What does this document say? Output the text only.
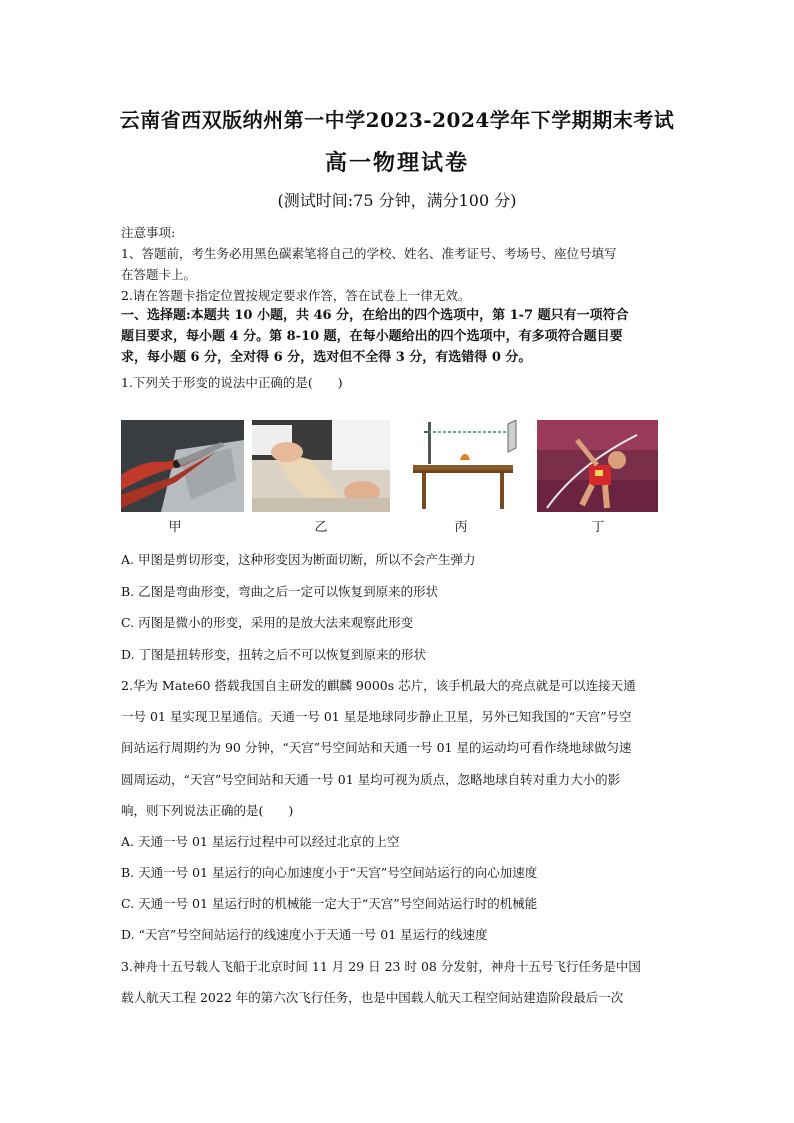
云南省西双版纳州第一中学2023-2024学年下学期期末考试
高一物理试卷
(测试时间:75 分钟，满分100 分)
注意事项:
1、答题前，考生务必用黑色碳素笔将自己的学校、姓名、准考证号、考场号、座位号填写
在答题卡上。
2.请在答题卡指定位置按规定要求作答，答在试卷上一律无效。
一、选择题:本题共 10 小题，共 46 分，在给出的四个选项中，第 1-7 题只有一项符合
题目要求，每小题 4 分。第 8-10 题，在每小题给出的四个选项中，有多项符合题目要
求，每小题 6 分，全对得 6 分，选对但不全得 3 分，有选错得 0 分。
1.下列关于形变的说法中正确的是(　　)
甲	乙	丙	丁
A. 甲图是剪切形变，这种形变因为断面切断，所以不会产生弹力
B. 乙图是弯曲形变，弯曲之后一定可以恢复到原来的形状
C. 丙图是微小的形变，采用的是放大法来观察此形变
D. 丁图是扭转形变，扭转之后不可以恢复到原来的形状
2.华为 Mate60 搭载我国自主研发的麒麟 9000s 芯片，该手机最大的亮点就是可以连接天通
一号 01 星实现卫星通信。天通一号 01 星是地球同步静止卫星，另外已知我国的“天宫”号空
间站运行周期约为 90 分钟，“天宫”号空间站和天通一号 01 星的运动均可看作绕地球做匀速
圆周运动，“天宫”号空间站和天通一号 01 星均可视为质点，忽略地球自转对重力大小的影
响，则下列说法正确的是(　　)
A. 天通一号 01 星运行过程中可以经过北京的上空
B. 天通一号 01 星运行的向心加速度小于“天宫”号空间站运行的向心加速度
C. 天通一号 01 星运行时的机械能一定大于“天宫”号空间站运行时的机械能
D. “天宫”号空间站运行的线速度小于天通一号 01 星运行的线速度
3.神舟十五号载人飞船于北京时间 11 月 29 日 23 时 08 分发射，神舟十五号飞行任务是中国
载人航天工程 2022 年的第六次飞行任务，也是中国载人航天工程空间站建造阶段最后一次
